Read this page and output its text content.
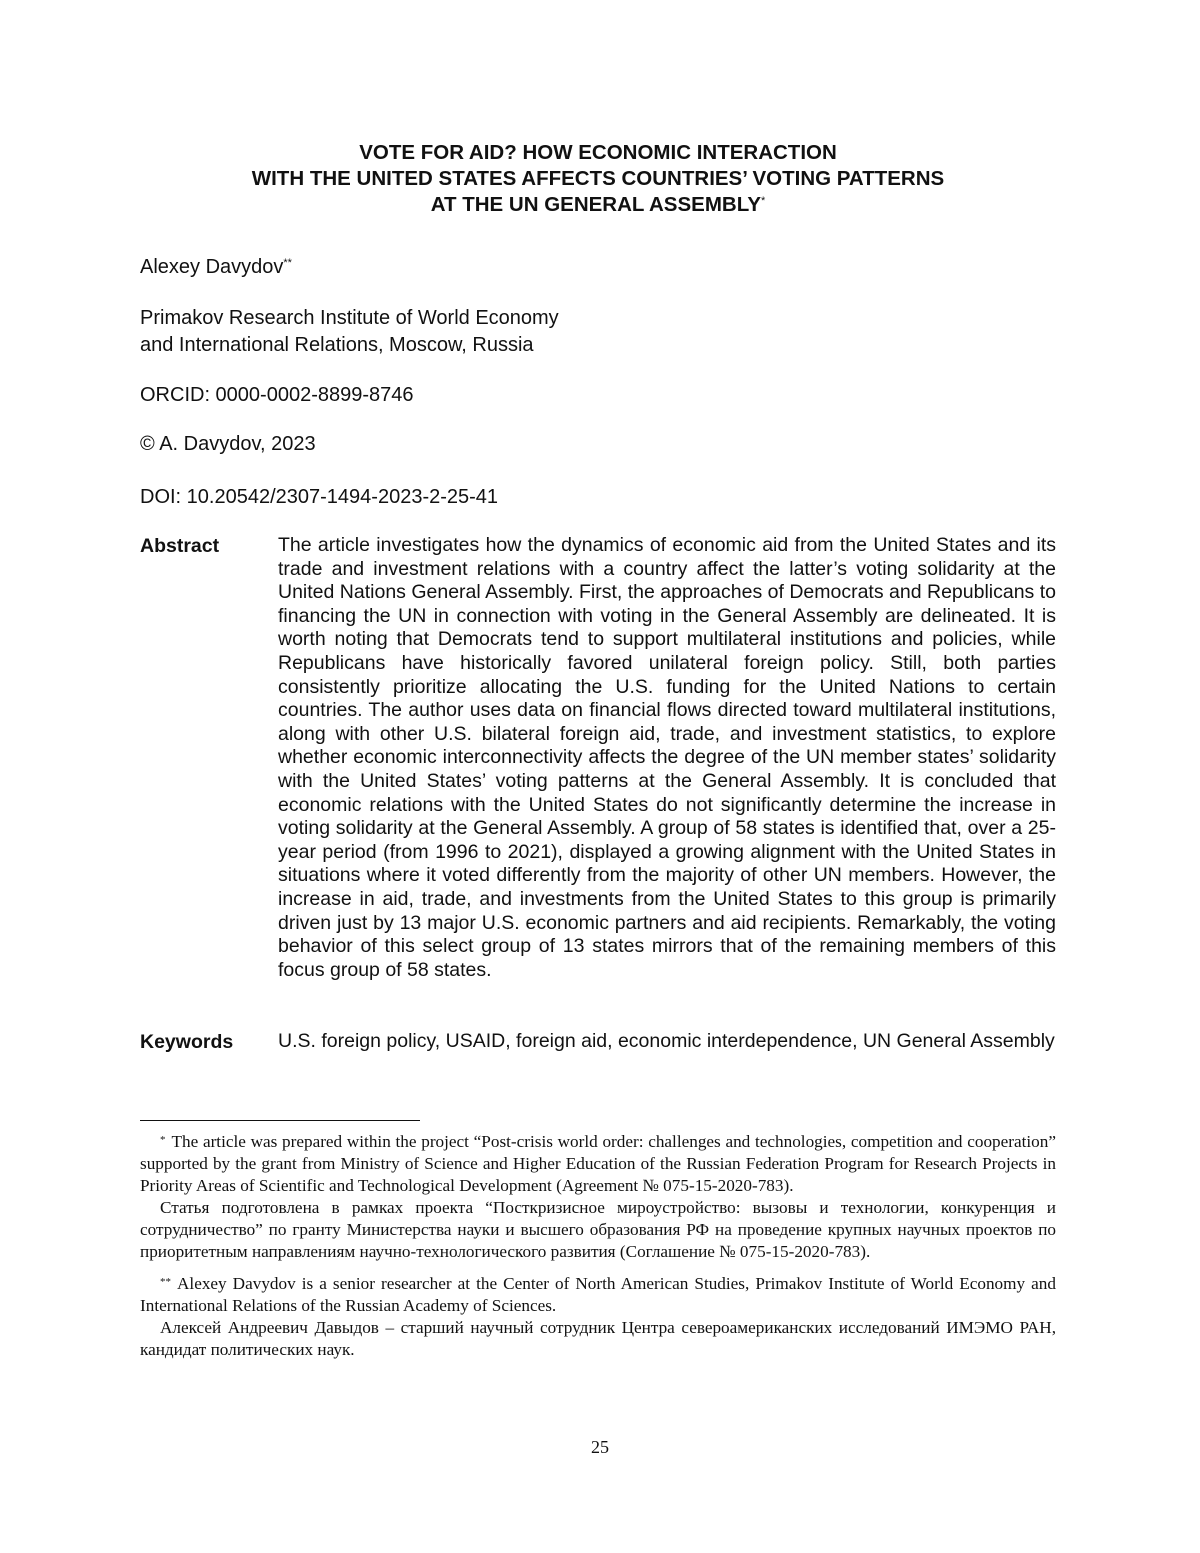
VOTE FOR AID? HOW ECONOMIC INTERACTION
WITH THE UNITED STATES AFFECTS COUNTRIES’ VOTING PATTERNS
AT THE UN GENERAL ASSEMBLY*

Alexey Davydov**

Primakov Research Institute of World Economy
and International Relations, Moscow, Russia

ORCID: 0000-0002-8899-8746

© A. Davydov, 2023

DOI: 10.20542/2307-1494-2023-2-25-41

Abstract	The article investigates how the dynamics of economic aid from the United States and its trade and investment relations with a country affect the latter’s voting solidarity at the United Nations General Assembly. First, the approaches of Democrats and Republicans to financing the UN in connection with voting in the General Assembly are delineated. It is worth noting that Democrats tend to support multilateral institutions and policies, while Republicans have historically favored unilateral foreign policy. Still, both parties consistently prioritize allocating the U.S. funding for the United Nations to certain countries. The author uses data on financial flows directed toward multilateral institutions, along with other U.S. bilateral foreign aid, trade, and investment statistics, to explore whether economic interconnectivity affects the degree of the UN member states’ solidarity with the United States’ voting patterns at the General Assembly. It is concluded that economic relations with the United States do not significantly determine the increase in voting solidarity at the General Assembly. A group of 58 states is identified that, over a 25-year period (from 1996 to 2021), displayed a growing alignment with the United States in situations where it voted differently from the majority of other UN members. However, the increase in aid, trade, and investments from the United States to this group is primarily driven just by 13 major U.S. economic partners and aid recipients. Remarkably, the voting behavior of this select group of 13 states mirrors that of the remaining members of this focus group of 58 states.

Keywords U.S. foreign policy, USAID, foreign aid, economic interdependence, UN General Assembly

* The article was prepared within the project “Post-crisis world order: challenges and technologies, competition and cooperation” supported by the grant from Ministry of Science and Higher Education of the Russian Federation Program for Research Projects in Priority Areas of Scientific and Technological Development (Agreement № 075-15-2020-783).

Статья подготовлена в рамках проекта “Посткризисное мироустройство: вызовы и технологии, конкуренция и сотрудничество” по гранту Министерства науки и высшего образования РФ на проведение крупных научных проектов по приоритетным направлениям научно-технологического развития (Соглашение № 075-15-2020-783).

** Alexey Davydov is a senior researcher at the Center of North American Studies, Primakov Institute of World Economy and International Relations of the Russian Academy of Sciences.

Алексей Андреевич Давыдов – старший научный сотрудник Центра североамериканских исследований ИМЭМО РАН, кандидат политических наук.

25
